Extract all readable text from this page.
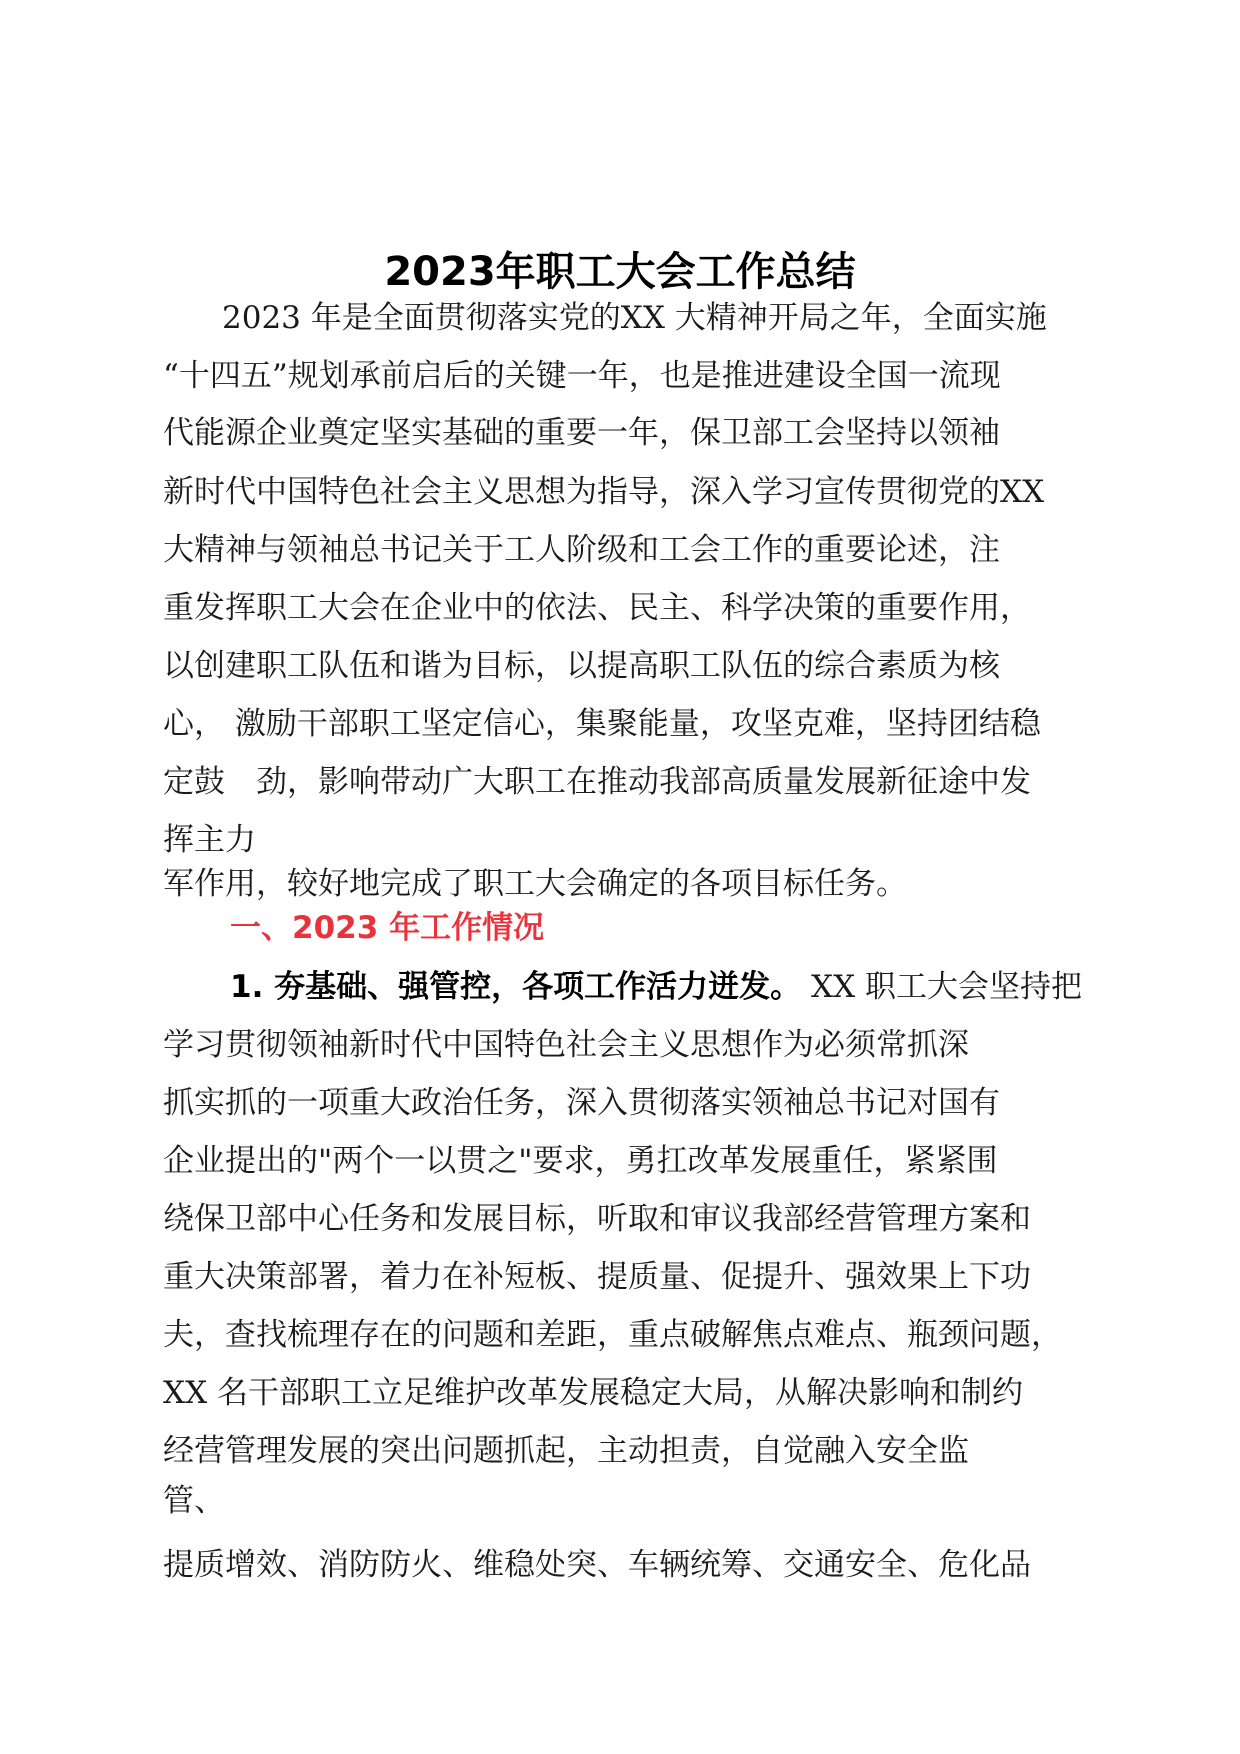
2023年职工大会工作总结

2023 年是全面贯彻落实党的XX 大精神开局之年，全面实施

“十四五”规划承前启后的关键一年，也是推进建设全国一流现

代能源企业奠定坚实基础的重要一年，保卫部工会坚持以领袖

新时代中国特色社会主义思想为指导，深入学习宣传贯彻党的XX

大精神与领袖总书记关于工人阶级和工会工作的重要论述，注

重发挥职工大会在企业中的依法、民主、科学决策的重要作用，

以创建职工队伍和谐为目标，以提高职工队伍的综合素质为核

心， 激励干部职工坚定信心，集聚能量，攻坚克难，坚持团结稳

定鼓　劲，影响带动广大职工在推动我部高质量发展新征途中发

挥主力

军作用，较好地完成了职工大会确定的各项目标任务。

一、2023 年工作情况

1. 夯基础、强管控，各项工作活力迸发。 XX 职工大会坚持把

学习贯彻领袖新时代中国特色社会主义思想作为必须常抓深

抓实抓的一项重大政治任务，深入贯彻落实领袖总书记对国有

企业提出的"两个一以贯之"要求，勇扛改革发展重任，紧紧围

绕保卫部中心任务和发展目标，听取和审议我部经营管理方案和

重大决策部署，着力在补短板、提质量、促提升、强效果上下功

夫，查找梳理存在的问题和差距，重点破解焦点难点、瓶颈问题，

XX 名干部职工立足维护改革发展稳定大局，从解决影响和制约

经营管理发展的突出问题抓起，主动担责，自觉融入安全监

管、

提质增效、消防防火、维稳处突、车辆统筹、交通安全、危化品
